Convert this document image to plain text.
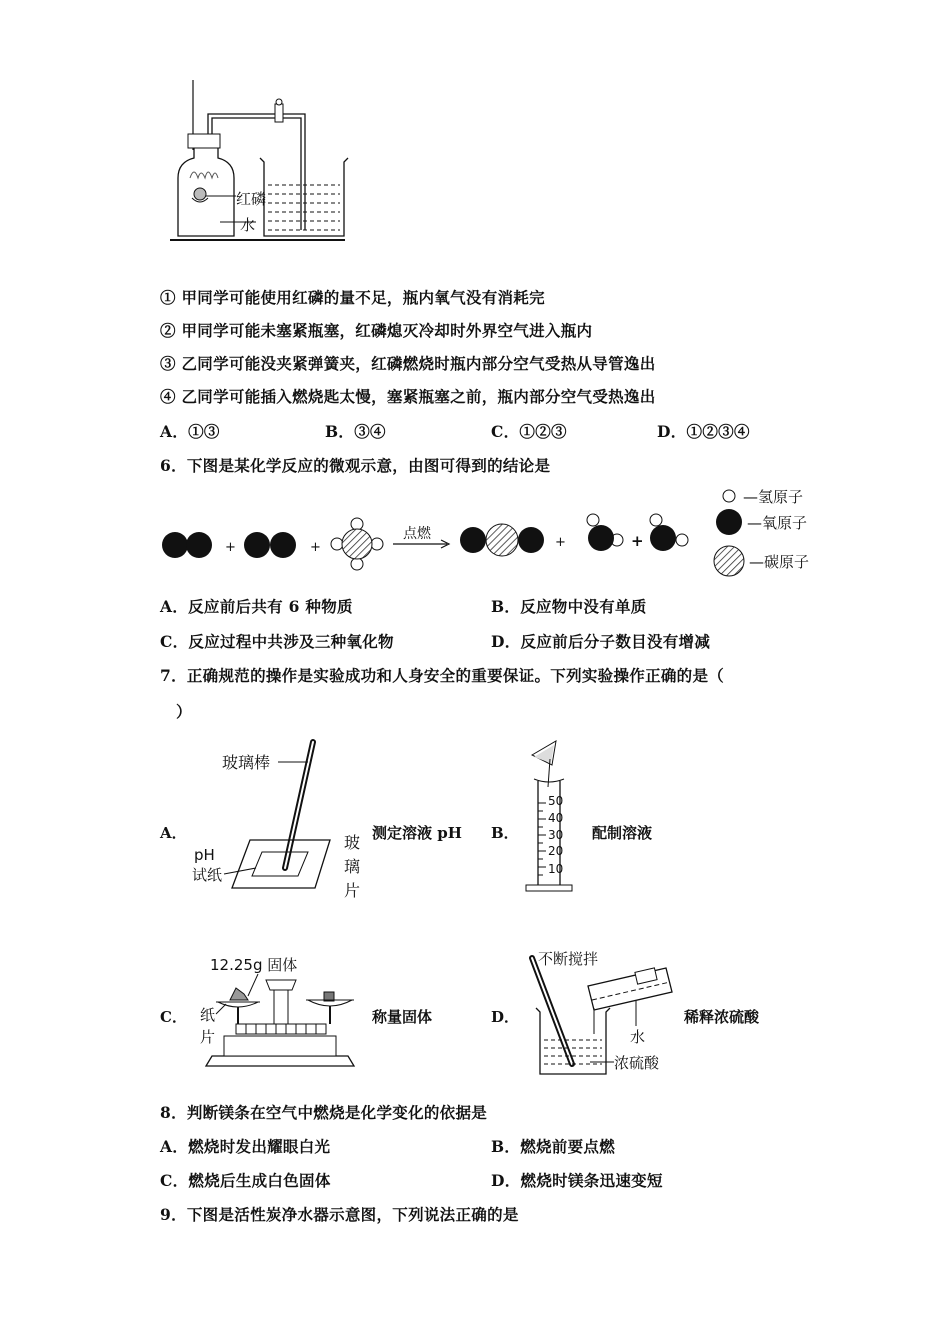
红磷
水
① 甲同学可能使用红磷的量不足，瓶内氧气没有消耗完
② 甲同学可能未塞紧瓶塞，红磷熄灭冷却时外界空气进入瓶内
③ 乙同学可能没夹紧弹簧夹，红磷燃烧时瓶内部分空气受热从导管逸出
④ 乙同学可能插入燃烧匙太慢，塞紧瓶塞之前，瓶内部分空气受热逸出
A．①③	B．③④	C．①②③	D．①②③④
6．下图是某化学反应的微观示意，由图可得到的结论是
+	+
点燃
+	+
—氢原子
—氧原子
—碳原子
A．反应前后共有 6 种物质	B．反应物中没有单质
C．反应过程中共涉及三种氧化物	D．反应前后分子数目没有增减
7．正确规范的操作是实验成功和人身安全的重要保证。下列实验操作正确的是（
）
A．
玻璃棒
pH
试纸
玻
璃
片
测定溶液 pH B．
50
40
30
20
10
配制溶液
C．
12.25g 固体
纸
片
称量固体	D．
不断搅拌
水
浓硫酸
稀释浓硫酸
8．判断镁条在空气中燃烧是化学变化的依据是
A．燃烧时发出耀眼白光	B．燃烧前要点燃
C．燃烧后生成白色固体	D．燃烧时镁条迅速变短
9．下图是活性炭净水器示意图，下列说法正确的是
